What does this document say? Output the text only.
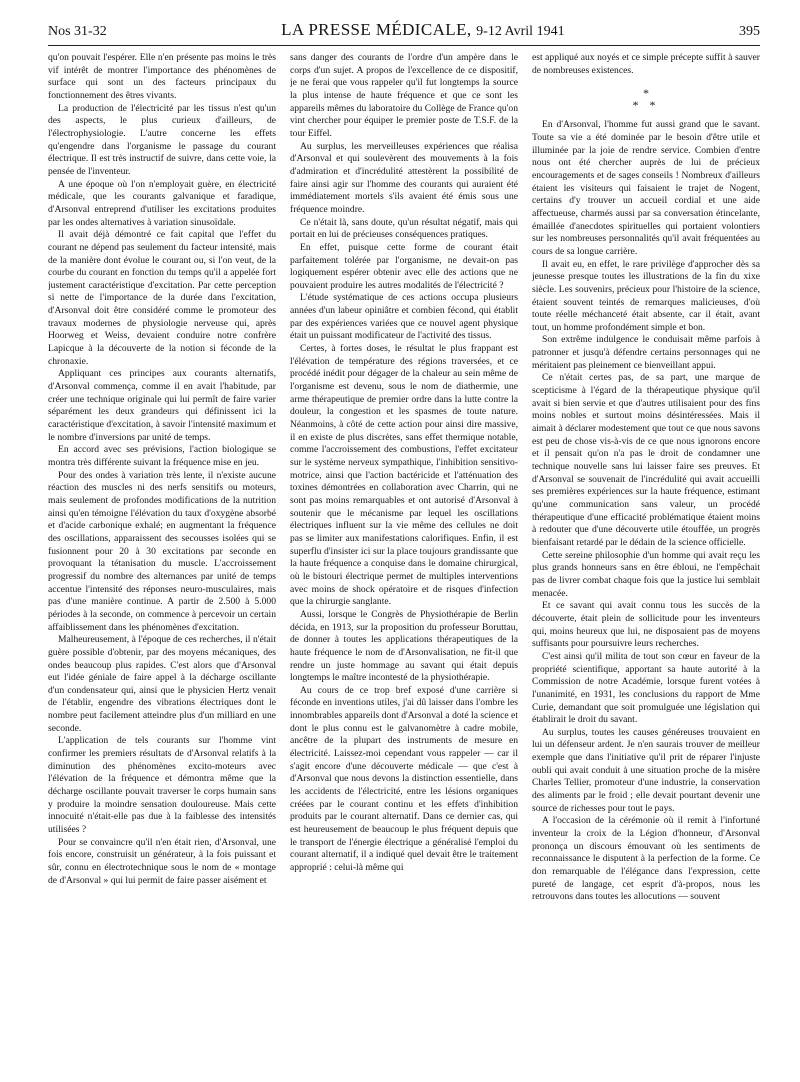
Nos 31-32	LA PRESSE MÉDICALE, 9-12 Avril 1941	395

qu'on pouvait l'espérer. Elle n'en présente pas moins le très vif intérêt de montrer l'importance des phénomènes de surface qui sont un des facteurs principaux du fonctionnement des êtres vivants.

La production de l'électricité par les tissus n'est qu'un des aspects, le plus curieux d'ailleurs, de l'électrophysiologie. L'autre concerne les effets qu'engendre dans l'organisme le passage du courant électrique. Il est très instructif de suivre, dans cette voie, la pensée de l'inventeur.

A une époque où l'on n'employait guère, en électricité médicale, que les courants galvanique et faradique, d'Arsonval entreprend d'utiliser les excitations produites par les ondes alternatives à variation sinusoïdale.

Il avait déjà démontré ce fait capital que l'effet du courant ne dépend pas seulement du facteur intensité, mais de la manière dont évolue le courant ou, si l'on veut, de la courbe du courant en fonction du temps qu'il a appelée fort justement caractéristique d'excitation. Par cette perception si nette de l'importance de la durée dans l'excitation, d'Arsonval doit être considéré comme le promoteur des travaux modernes de physiologie nerveuse qui, après Hoorweg et Weiss, devaient conduire notre confrère Lapicque à la découverte de la notion si féconde de la chronaxie.

Appliquant ces principes aux courants alternatifs, d'Arsonval commença, comme il en avait l'habitude, par créer une technique originale qui lui permît de faire varier séparément les deux grandeurs qui définissent ici la caractéristique d'excitation, à savoir l'intensité maximum et le nombre d'inversions par unité de temps.

En accord avec ses prévisions, l'action biologique se montra très différente suivant la fréquence mise en jeu.

Pour des ondes à variation très lente, il n'existe aucune réaction des muscles ni des nerfs sensitifs ou moteurs, mais seulement de profondes modifications de la nutrition ainsi qu'en témoigne l'élévation du taux d'oxygène absorbé et d'acide carbonique exhalé; en augmentant la fréquence des oscillations, apparaissent des secousses isolées qui se fusionnent pour 20 à 30 excitations par seconde en provoquant la tétanisation du muscle. L'accroissement progressif du nombre des alternances par unité de temps accentue l'intensité des réponses neuro-musculaires, mais pas d'une manière continue. A partir de 2.500 à 5.000 périodes à la seconde, on commence à percevoir un certain affaiblissement dans les phénomènes d'excitation.

Malheureusement, à l'époque de ces recherches, il n'était guère possible d'obtenir, par des moyens mécaniques, des ondes beaucoup plus rapides. C'est alors que d'Arsonval eut l'idée géniale de faire appel à la décharge oscillante d'un condensateur qui, ainsi que le physicien Hertz venait de l'établir, engendre des vibrations électriques dont le nombre peut facilement atteindre plus d'un milliard en une seconde.

L'application de tels courants sur l'homme vint confirmer les premiers résultats de d'Arsonval relatifs à la diminution des phénomènes excito-moteurs avec l'élévation de la fréquence et démontra même que la décharge oscillante pouvait traverser le corps humain sans y produire la moindre sensation douloureuse. Mais cette innocuité n'était-elle pas due à la faiblesse des intensités utilisées ?

Pour se convaincre qu'il n'en était rien, d'Arsonval, une fois encore, construisit un générateur, à la fois puissant et sûr, connu en électrotechnique sous le nom de « montage de d'Arsonval » qui lui permit de faire passer aisément et

sans danger des courants de l'ordre d'un ampère dans le corps d'un sujet. A propos de l'excellence de ce dispositif, je ne ferai que vous rappeler qu'il fut longtemps la source la plus intense de haute fréquence et que ce sont les appareils mêmes du laboratoire du Collège de France qu'on vint chercher pour équiper le premier poste de T.S.F. de la tour Eiffel.

Au surplus, les merveilleuses expériences que réalisa d'Arsonval et qui soulevèrent des mouvements à la fois d'admiration et d'incrédulité attestèrent la possibilité de faire ainsi agir sur l'homme des courants qui auraient été immédiatement mortels s'ils avaient été émis sous une fréquence moindre.

Ce n'était là, sans doute, qu'un résultat négatif, mais qui portait en lui de précieuses conséquences pratiques.

En effet, puisque cette forme de courant était parfaitement tolérée par l'organisme, ne devait-on pas logiquement espérer obtenir avec elle des actions que ne pouvaient produire les autres modalités de l'électricité ?

L'étude systématique de ces actions occupa plusieurs années d'un labeur opiniâtre et combien fécond, qui établit par des expériences variées que ce nouvel agent physique était un puissant modificateur de l'activité des tissus.

Certes, à fortes doses, le résultat le plus frappant est l'élévation de température des régions traversées, et ce procédé inédit pour dégager de la chaleur au sein même de l'organisme est devenu, sous le nom de diathermie, une arme thérapeutique de premier ordre dans la lutte contre la douleur, la congestion et les spasmes de toute nature. Néanmoins, à côté de cette action pour ainsi dire massive, il en existe de plus discrètes, sans effet thermique notable, comme l'accroissement des combustions, l'effet excitateur sur le système nerveux sympathique, l'inhibition sensitivo-motrice, ainsi que l'action bactéricide et l'atténuation des toxines démontrées en collaboration avec Charrin, qui ne sont pas moins remarquables et ont autorisé d'Arsonval à soutenir que le mécanisme par lequel les oscillations électriques influent sur la vie même des cellules ne doit pas se limiter aux manifestations calorifiques. Enfin, il est superflu d'insister ici sur la place toujours grandissante que la haute fréquence a conquise dans le domaine chirurgical, où le bistouri électrique permet de multiples interventions avec moins de shock opératoire et de risques d'infection que la chirurgie sanglante.

Aussi, lorsque le Congrès de Physiothérapie de Berlin décida, en 1913, sur la proposition du professeur Boruttau, de donner à toutes les applications thérapeutiques de la haute fréquence le nom de d'Arsonvalisation, ne fit-il que rendre un juste hommage au savant qui était depuis longtemps le maître incontesté de la physiothérapie.

Au cours de ce trop bref exposé d'une carrière si féconde en inventions utiles, j'ai dû laisser dans l'ombre les innombrables appareils dont d'Arsonval a doté la science et dont le plus connu est le galvanomètre à cadre mobile, ancêtre de la plupart des instruments de mesure en électricité. Laissez-moi cependant vous rappeler — car il s'agit encore d'une découverte médicale — que c'est à d'Arsonval que nous devons la distinction essentielle, dans les accidents de l'électricité, entre les lésions organiques créées par le courant continu et les effets d'inhibition produits par le courant alternatif. Dans ce dernier cas, qui est heureusement de beaucoup le plus fréquent depuis que le transport de l'énergie électrique a généralisé l'emploi du courant alternatif, il a indiqué quel devait être le traitement approprié : celui-là même qui

est appliqué aux noyés et ce simple précepte suffit à sauver de nombreuses existences.

*
* *

En d'Arsonval, l'homme fut aussi grand que le savant. Toute sa vie a été dominée par le besoin d'être utile et illuminée par la joie de rendre service. Combien d'entre nous ont été chercher auprès de lui de précieux encouragements et de sages conseils ! Nombreux d'ailleurs étaient les visiteurs qui faisaient le trajet de Nogent, certains d'y trouver un accueil cordial et une aide affectueuse, charmés aussi par sa conversation étincelante, émaillée d'anecdotes spirituelles qui portaient volontiers sur les nombreuses personnalités qu'il avait fréquentées au cours de sa longue carrière.

Il avait eu, en effet, le rare privilège d'approcher dès sa jeunesse presque toutes les illustrations de la fin du xixe siècle. Les souvenirs, précieux pour l'histoire de la science, étaient souvent teintés de remarques malicieuses, d'où toute réelle méchanceté était absente, car il était, avant tout, un homme profondément simple et bon.

Son extrême indulgence le conduisait même parfois à patronner et jusqu'à défendre certains personnages qui ne méritaient pas pleinement ce bienveillant appui.

Ce n'était certes pas, de sa part, une marque de scepticisme à l'égard de la thérapeutique physique qu'il avait si bien servie et que d'autres utilisaient pour des fins moins nobles et surtout moins désintéressées. Mais il aimait à déclarer modestement que tout ce que nous savons est peu de chose vis-à-vis de ce que nous ignorons encore et il pensait qu'on n'a pas le droit de condamner une technique nouvelle sans lui laisser faire ses preuves. Et d'Arsonval se souvenait de l'incrédulité qui avait accueilli ses premières expériences sur la haute fréquence, estimant qu'une communication sans valeur, un procédé thérapeutique d'une efficacité problématique étaient moins à redouter que d'une découverte utile étouffée, un progrès bienfaisant retardé par le dédain de la science officielle.

Cette sereine philosophie d'un homme qui avait reçu les plus grands honneurs sans en être ébloui, ne l'empêchait pas de livrer combat chaque fois que la justice lui semblait menacée.

Et ce savant qui avait connu tous les succès de la découverte, était plein de sollicitude pour les inventeurs qui, moins heureux que lui, ne disposaient pas de moyens suffisants pour poursuivre leurs recherches.

C'est ainsi qu'il milita de tout son cœur en faveur de la propriété scientifique, apportant sa haute autorité à la Commission de notre Académie, lorsque furent votées à l'unanimité, en 1931, les conclusions du rapport de Mme Curie, demandant que soit promulguée une législation qui établirait le droit du savant.

Au surplus, toutes les causes généreuses trouvaient en lui un défenseur ardent. Je n'en saurais trouver de meilleur exemple que dans l'initiative qu'il prit de réparer l'injuste oubli qui avait conduit à une situation proche de la misère Charles Tellier, promoteur d'une industrie, la conservation des aliments par le froid ; elle devait pourtant devenir une source de richesses pour tout le pays.

A l'occasion de la cérémonie où il remit à l'infortuné inventeur la croix de la Légion d'honneur, d'Arsonval prononça un discours émouvant où les sentiments de reconnaissance le disputent à la perfection de la forme. Ce don remarquable de l'élégance dans l'expression, cette pureté de langage, cet esprit d'à-propos, nous les retrouvons dans toutes les allocutions — souvent
